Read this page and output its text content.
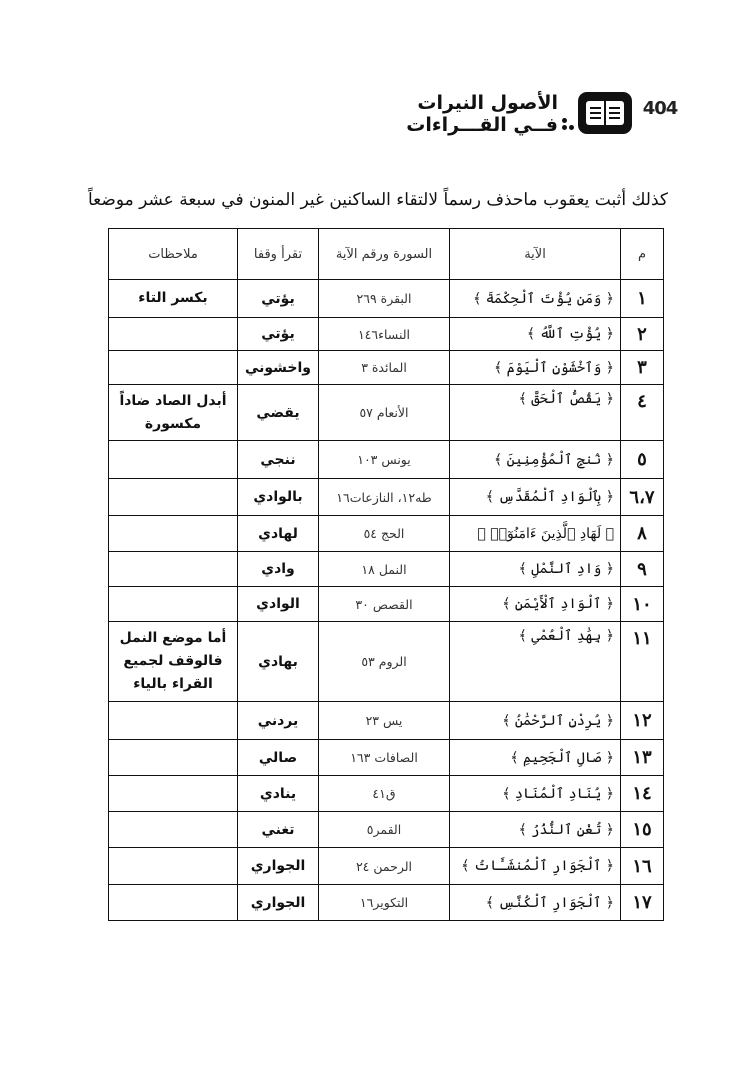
404
الأصول النيرات
فــي القـــراءات
كذلك أثبت يعقوب ماحذف رسماً لالتقاء الساكنين غير المنون في سبعة عشر موضعاً
م	الآية	السورة ورقم الآية	تقرأ وقفا	ملاحظات
١	﴿ وَمَن يُؤْتَ ٱلْحِكْمَةَ ﴾	البقرة ٢٦٩	يؤتي	بكسر التاء
٢	﴿ يُؤْتِ ٱللَّهُ ﴾	النساء١٤٦	يؤتي	
٣	﴿ وَٱخْشَوْنِ ٱلْيَوْمَ ﴾	المائدة ٣	واخشوني	
٤	﴿ يَقُصُّ ٱلْحَقَّ ﴾	الأنعام ٥٧	يقضي	أبدل الصاد ضاداً مكسورة
٥	﴿ نُنجِ ٱلْمُؤْمِنِينَ ﴾	يونس ١٠٣	ننجي	
٦،٧	﴿ بِٱلْوَادِ ٱلْمُقَدَّسِ ﴾	طه١٢، النازعات١٦	بالوادي	
٨	﴿ لَهَادِ ٱلَّذِينَ ءَامَنُوٓا۟ ﴾	الحج ٥٤	لهادي	
٩	﴿ وَادِ ٱلنَّمْلِ ﴾	النمل ١٨	وادي	
١٠	﴿ ٱلْوَادِ ٱلْأَيْمَنِ ﴾	القصص ٣٠	الوادي	
١١	﴿ بِهَٰدِ ٱلْعُمْىِ ﴾	الروم ٥٣	بهادي	أما موضع النمل فالوقف لجميع القراء بالياء
١٢	﴿ يُرِدْنِ ٱلرَّحْمَٰنُ ﴾	يس ٢٣	يردني	
١٣	﴿ صَالِ ٱلْجَحِيمِ ﴾	الصافات ١٦٣	صالي	
١٤	﴿ يُنَادِ ٱلْمُنَادِ ﴾	ق٤١	ينادي	
١٥	﴿ تُغْنِ ٱلنُّذُرُ ﴾	القمر٥	تغني	
١٦	﴿ ٱلْجَوَارِ ٱلْمُنشَـَٔاتُ ﴾	الرحمن ٢٤	الجواري	
١٧	﴿ ٱلْجَوَارِ ٱلْكُنَّسِ ﴾	التكوير١٦	الجواري	
